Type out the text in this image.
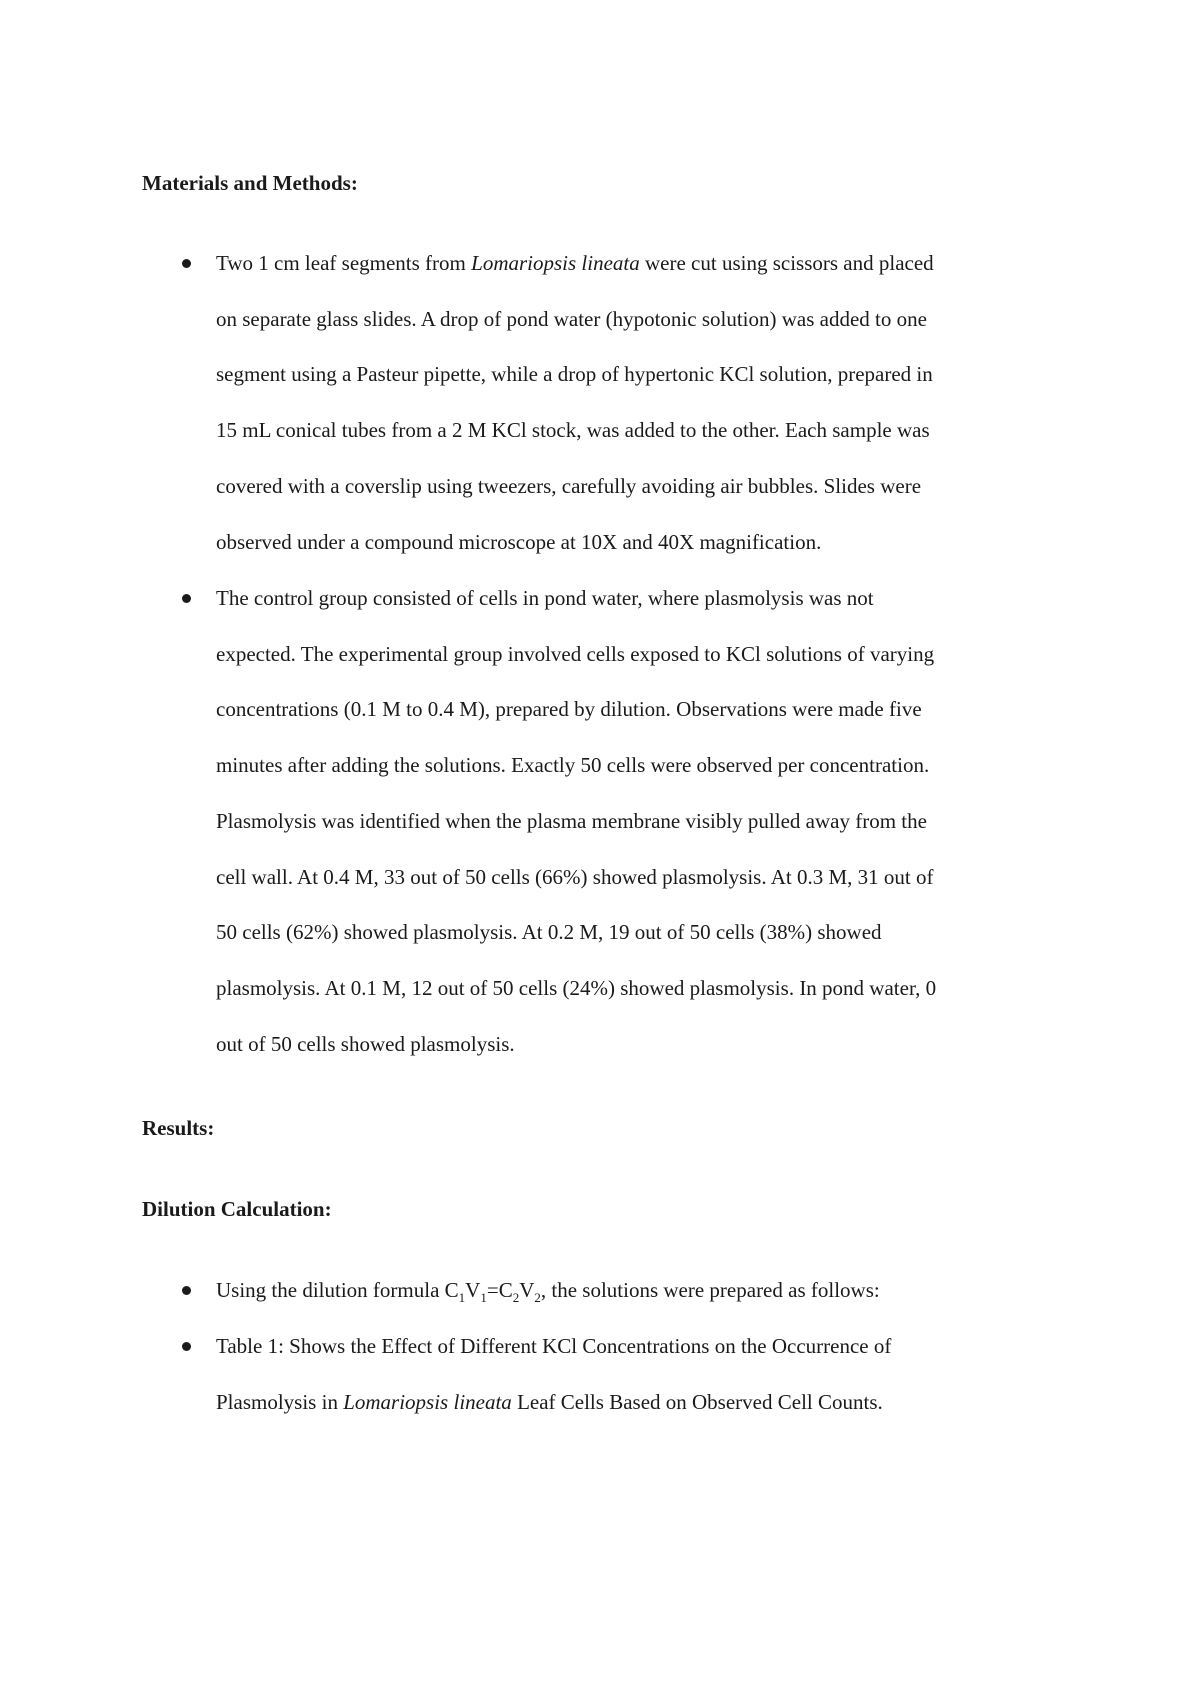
Materials and Methods:
Two 1 cm leaf segments from Lomariopsis lineata were cut using scissors and placed
on separate glass slides. A drop of pond water (hypotonic solution) was added to one
segment using a Pasteur pipette, while a drop of hypertonic KCl solution, prepared in
15 mL conical tubes from a 2 M KCl stock, was added to the other. Each sample was
covered with a coverslip using tweezers, carefully avoiding air bubbles. Slides were
observed under a compound microscope at 10X and 40X magnification.
The control group consisted of cells in pond water, where plasmolysis was not
expected. The experimental group involved cells exposed to KCl solutions of varying
concentrations (0.1 M to 0.4 M), prepared by dilution. Observations were made five
minutes after adding the solutions. Exactly 50 cells were observed per concentration.
Plasmolysis was identified when the plasma membrane visibly pulled away from the
cell wall. At 0.4 M, 33 out of 50 cells (66%) showed plasmolysis. At 0.3 M, 31 out of
50 cells (62%) showed plasmolysis. At 0.2 M, 19 out of 50 cells (38%) showed
plasmolysis. At 0.1 M, 12 out of 50 cells (24%) showed plasmolysis. In pond water, 0
out of 50 cells showed plasmolysis.
Results:
Dilution Calculation:
Using the dilution formula $C_1V_1=C_2V_2$, the solutions were prepared as follows:
Table 1: Shows the Effect of Different KCl Concentrations on the Occurrence of
Plasmolysis in Lomariopsis lineata Leaf Cells Based on Observed Cell Counts.
